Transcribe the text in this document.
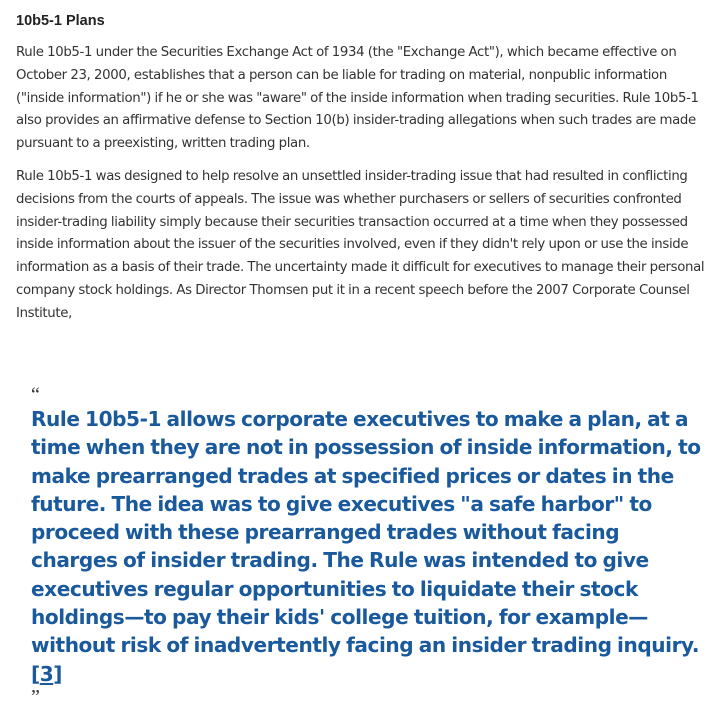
10b5-1 Plans

Rule 10b5-1 under the Securities Exchange Act of 1934 (the "Exchange Act"), which became effective on October 23, 2000, establishes that a person can be liable for trading on material, nonpublic information ("inside information") if he or she was "aware" of the inside information when trading securities. Rule 10b5-1 also provides an affirmative defense to Section 10(b) insider-trading allegations when such trades are made pursuant to a preexisting, written trading plan.

Rule 10b5-1 was designed to help resolve an unsettled insider-trading issue that had resulted in conflicting decisions from the courts of appeals. The issue was whether purchasers or sellers of securities confronted insider-trading liability simply because their securities transaction occurred at a time when they possessed inside information about the issuer of the securities involved, even if they didn't rely upon or use the inside information as a basis of their trade. The uncertainty made it difficult for executives to manage their personal company stock holdings. As Director Thomsen put it in a recent speech before the 2007 Corporate Counsel Institute,

“

Rule 10b5-1 allows corporate executives to make a plan, at a time when they are not in possession of inside information, to make prearranged trades at specified prices or dates in the future. The idea was to give executives "a safe harbor" to proceed with these prearranged trades without facing charges of insider trading. The Rule was intended to give executives regular opportunities to liquidate their stock holdings—to pay their kids' college tuition, for example—without risk of inadvertently facing an insider trading inquiry.
[3]

”
